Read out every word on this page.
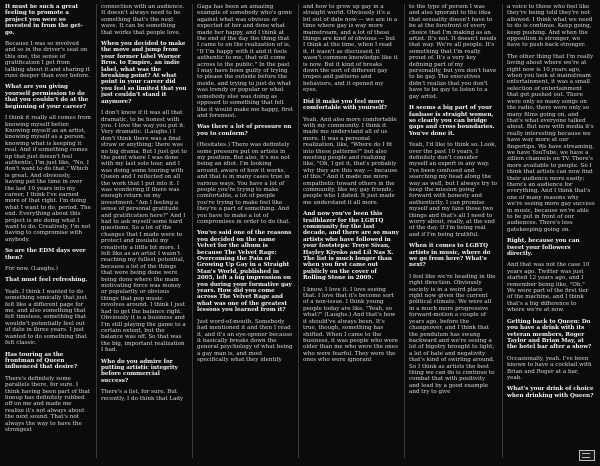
It must be such a great feeling to promote a project you were so invested in from the get-go.

Because I was so involved and so in the driver's seat on this one, the sense of gratification I get from talking about it and sharing it runs deeper than ever before.

What are you giving yourself permission to do that you couldn't do at the beginning of your career?

I think it really all comes from knowing myself better. Knowing myself as an artist, knowing myself as a person, knowing what is keeping it real. And if something comes up that just doesn't feel authentic, I'm just like, "No, I don't want to do that." Which is great. And obviously, having put the time in over the last 10 years into my career, I think I've earned more of that right. I'm doing what I want to do, period. The end. Everything about this project is me doing what I want to do. Creatively, I'm not having to compromise with anybody.

So are the EDM days over then?

For now. (Laughs.)

That must feel refreshing.

Yeah. I think I wanted to do something sonically that just felt like a different page for me, and also something that felt timeless, something that wouldn't potentially feel out of date in three years. I just wanted to do something that felt classic.

Has touring as the frontman of Queen influenced that desire?

There's definitely some parallels there, for sure. I think having been part of that lineup has definitely rubbed off on me and made me realize it's not always about the next sound. That's not always the way to have the strongest

connection with an audience. It doesn't always need to be something that's the next wave. It can be something that works that people love.

When you decided to make the move and jump from your former label Warner Bros. to Empire, an indie label, what was the breaking point? At what point in your career did you feel so limited that you just couldn't stand it anymore?

I don't know if it was all that dramatic, to be honest with you. I love the way you put it. Very dramatic. (Laughs.) I don't think there was a final straw or anything; there was no big drama. But I just got to the point where I was done with my last solo tour, and I was doing some touring with Queen and I reflected on all the work that I put into it. I was wondering if there was enough return on my investment. "Am I feeling a sense of personal gratitude and gratification here?" And I had to ask myself some hard questions. So a lot of the changes that I made were to protect and insulate my creativity a little bit more. I felt like as an artist I wasn't reaching my fullest potential, because a lot of the things that were being done were being done where the main motivating force was money or popularity or obvious things that pop music revolves around. I think I just had to get the balance right. Obviously it is a business and I'm still playing the game to a certain extent, but the balance was off. So that was the big, important realization I had.

Who do you admire for putting artistic integrity before commercial success?

There's a list, for sure. But recently, I do think that Lady

Gaga has been an amazing example of somebody who's gone against what was obvious or expected of her and done what made her happy, and I think at the end of the day the thing that I came to on the realization of is, "If I'm happy with it and it feels authentic to me, that will come across to the public." In the past I may have been guilty of trying to please the outside before the inside, and trying to just do what was trendy or popular or what somebody else was doing as opposed to something that felt like it would make me happy, first and foremost.

Was there a lot of pressure on you to conform?

(Hesitates.) There was definitely some pressure put on artists in my position. But also, it's me not being an idiot. I'm looking around, aware of how it works, and that is in many cases true in various ways. You have a lot of people you're trying to make comfortable, a lot of people you're trying to make feel like they're a part of something. And you have to make a lot of compromises in order to do that.

You've said one of the reasons you decided on the name Velvet for the album is because The Velvet Rage: Overcoming the Pain of Growing Up Gay in a Straight Man's World, published in 2005, left a big impression on you during your formative gay years. How did you come across The Velvet Rage and what was one of the greatest lessons you learned from it?

Just word-of-mouth. Somebody had mentioned it and then I read it, and it's an eye-opener because it basically breaks down the general psychology of what being a gay man is, and most specifically what they identify

and how to grow up gay in a straight world. Obviously it's a bit out of date now — we are in a time where gay is way more mainstream, and a lot of these things are kind of obvious — but I think at the time, when I read it, it wasn't as discussed, it wasn't common knowledge like it is now. But it kind of breaks down the sort of different gay tropes and patterns and behaviors, and it opened my eyes.

Did it make you feel more comfortable with yourself?

Yeah. And also more comfortable with my community. I think it made me understand all of us more. It was a personal realization, like, "Where do I fit into these patterns?" but also meeting people and realizing like, "Oh, I get it, that's probably why they are this way — because of this." And it made me more empathetic toward others in the community, like my gay friends, people who I dated. It just made me understand it all more.

And now you've been this trailblazer for the LGBTQ community for the last decade, and there are so many artists who have followed in your footsteps: Troye Sivan, Hayley Kiyoko and Lil Nas X. The list is much longer than when you first came out publicly on the cover of Rolling Stone in 2009.

I know. I love it. I love seeing that. I love that it's become sort of a non-issue. I think young people today are like, "Yeah, so what?" (Laughs.) And that's how it should've always been. It's true, though, something has shifted. When I came to the business, it was people who were older than me who were the ones who were fearful. They were the ones who were ignorant

to the type of person I was and also ignorant to the idea that sexuality doesn't have to be at the forefront of every choice that I'm making as an artist. It's not. It doesn't needs that way. We're all people. It's something that I'm really proud of. It's a very key defining part of my personality, but you don't have to be gay. The executives didn't realize that you don't have to be gay to listen to a gay artist.

It seems a big part of your fanbase is straight women, so clearly you can bridge gaps and cross boundaries. You've done it.

Yeah, I'd like to think so. Look, over the past 10 years, I definitely don't consider myself an expert in any way. I've been confused and searching my head along the way as well, but I always try to keep the mission going forward with honesty and authenticity. I can promise myself and my fans those two things and that's all I need to worry about, really, at the end of the day. If I'm being real and if I'm being truthful.

When it comes to LGBTQ artists in music, where do we go from here? What's next?

I feel like we're heading in the right direction. Obviously society is in a weird place right now given the current political climate. We were all in a much more progressive forward-motion a couple of years ago, before the changeover, and I think that the pendulum has swung backward and we're seeing a lot of bigotry brought to light, a lot of hate and negativity that's kind of swirling around. So I think as artists the best thing we can do is continue to combat that with positivity and lead by a good example and try to give

a voice to those who feel like they're being told they're not allowed. I think what we need to do is continue. Keep going, keep pushing. And when the opposition is stronger, we have to push back stronger.

The other thing that I'm really loving about where we're at right now is 10 years ago, when you look at mainstream entertainment, it was a small selection of entertainment that got pushed out. There were only so many songs on the radio, there were only so many films going on, and that's what everyone talked about. But now with media it's really interesting because we have way more at our fingertips. We have streaming, we have YouTube, we have a zillion channels on TV. There's more available to people. So I think that artists can now find their audience more easily; there's an audience for everything. And I think that's one of many reasons why we're seeing more gay success in music, because we're able to be put in front of our audiences. There's less gatekeeping going on.

Right, because you can tweet your followers directly.

And that was not the case 10 years ago. Twitter was just started 12 years ago, and I remember being like, "Oh." We were part of the first tier of the machine, and I think that's a big difference to where we're at now.

Getting back to Queen: Do you have a drink with its veteran members, Roger Taylor and Brian May, at the hotel bar after a show?

Occasionally, yeah. I've been known to have a cocktail with Brian and Roger at a bar, yeah.

What's your drink of choice when drinking with Queen?
